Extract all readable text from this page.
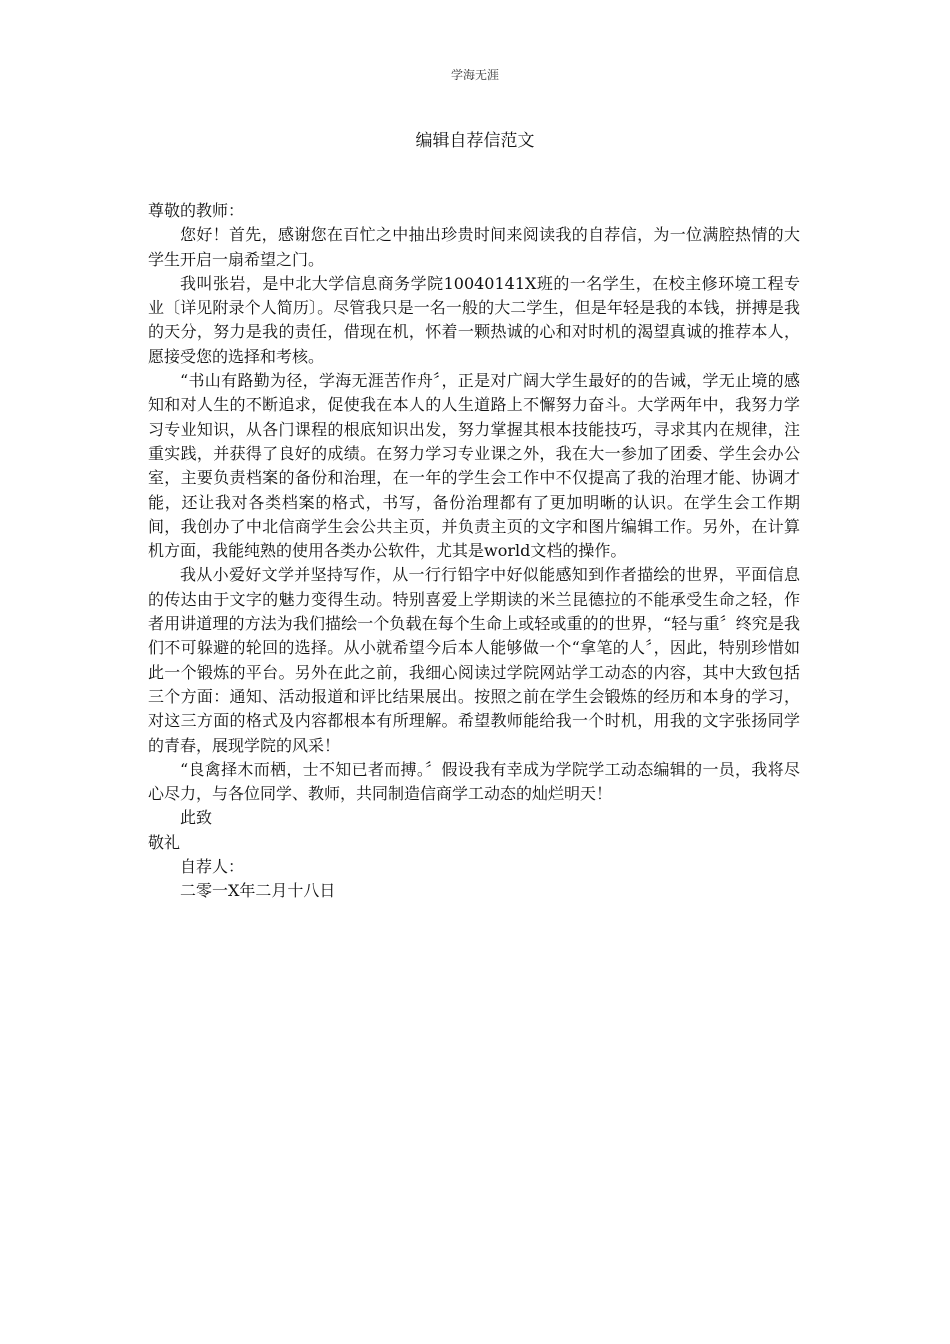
学海无涯
编辑自荐信范文

尊敬的教师：

您好！首先，感谢您在百忙之中抽出珍贵时间来阅读我的自荐信，为一位满腔热情的大学生开启一扇希望之门。

我叫张岩，是中北大学信息商务学院10040141X班的一名学生，在校主修环境工程专业〔详见附录个人简历〕。尽管我只是一名一般的大二学生，但是年轻是我的本钱，拼搏是我的天分，努力是我的责任，借现在机，怀着一颗热诚的心和对时机的渴望真诚的推荐本人，愿接受您的选择和考核。

“书山有路勤为径，学海无涯苦作舟〞，正是对广阔大学生最好的的告诫，学无止境的感知和对人生的不断追求，促使我在本人的人生道路上不懈努力奋斗。大学两年中，我努力学习专业知识，从各门课程的根底知识出发，努力掌握其根本技能技巧，寻求其内在规律，注重实践，并获得了良好的成绩。在努力学习专业课之外，我在大一参加了团委、学生会办公室，主要负责档案的备份和治理，在一年的学生会工作中不仅提高了我的治理才能、协调才能，还让我对各类档案的格式，书写，备份治理都有了更加明晰的认识。在学生会工作期间，我创办了中北信商学生会公共主页，并负责主页的文字和图片编辑工作。另外，在计算机方面，我能纯熟的使用各类办公软件，尤其是world文档的操作。

我从小爱好文学并坚持写作，从一行行铅字中好似能感知到作者描绘的世界，平面信息的传达由于文字的魅力变得生动。特别喜爱上学期读的米兰昆德拉的不能承受生命之轻，作者用讲道理的方法为我们描绘一个负载在每个生命上或轻或重的的世界，“轻与重〞终究是我们不可躲避的轮回的选择。从小就希望今后本人能够做一个“拿笔的人〞，因此，特别珍惜如此一个锻炼的平台。另外在此之前，我细心阅读过学院网站学工动态的内容，其中大致包括三个方面：通知、活动报道和评比结果展出。按照之前在学生会锻炼的经历和本身的学习，对这三方面的格式及内容都根本有所理解。希望教师能给我一个时机，用我的文字张扬同学的青春，展现学院的风采！

“良禽择木而栖，士不知已者而搏。〞假设我有幸成为学院学工动态编辑的一员，我将尽心尽力，与各位同学、教师，共同制造信商学工动态的灿烂明天！

此致

敬礼

自荐人：

二零一X年二月十八日
